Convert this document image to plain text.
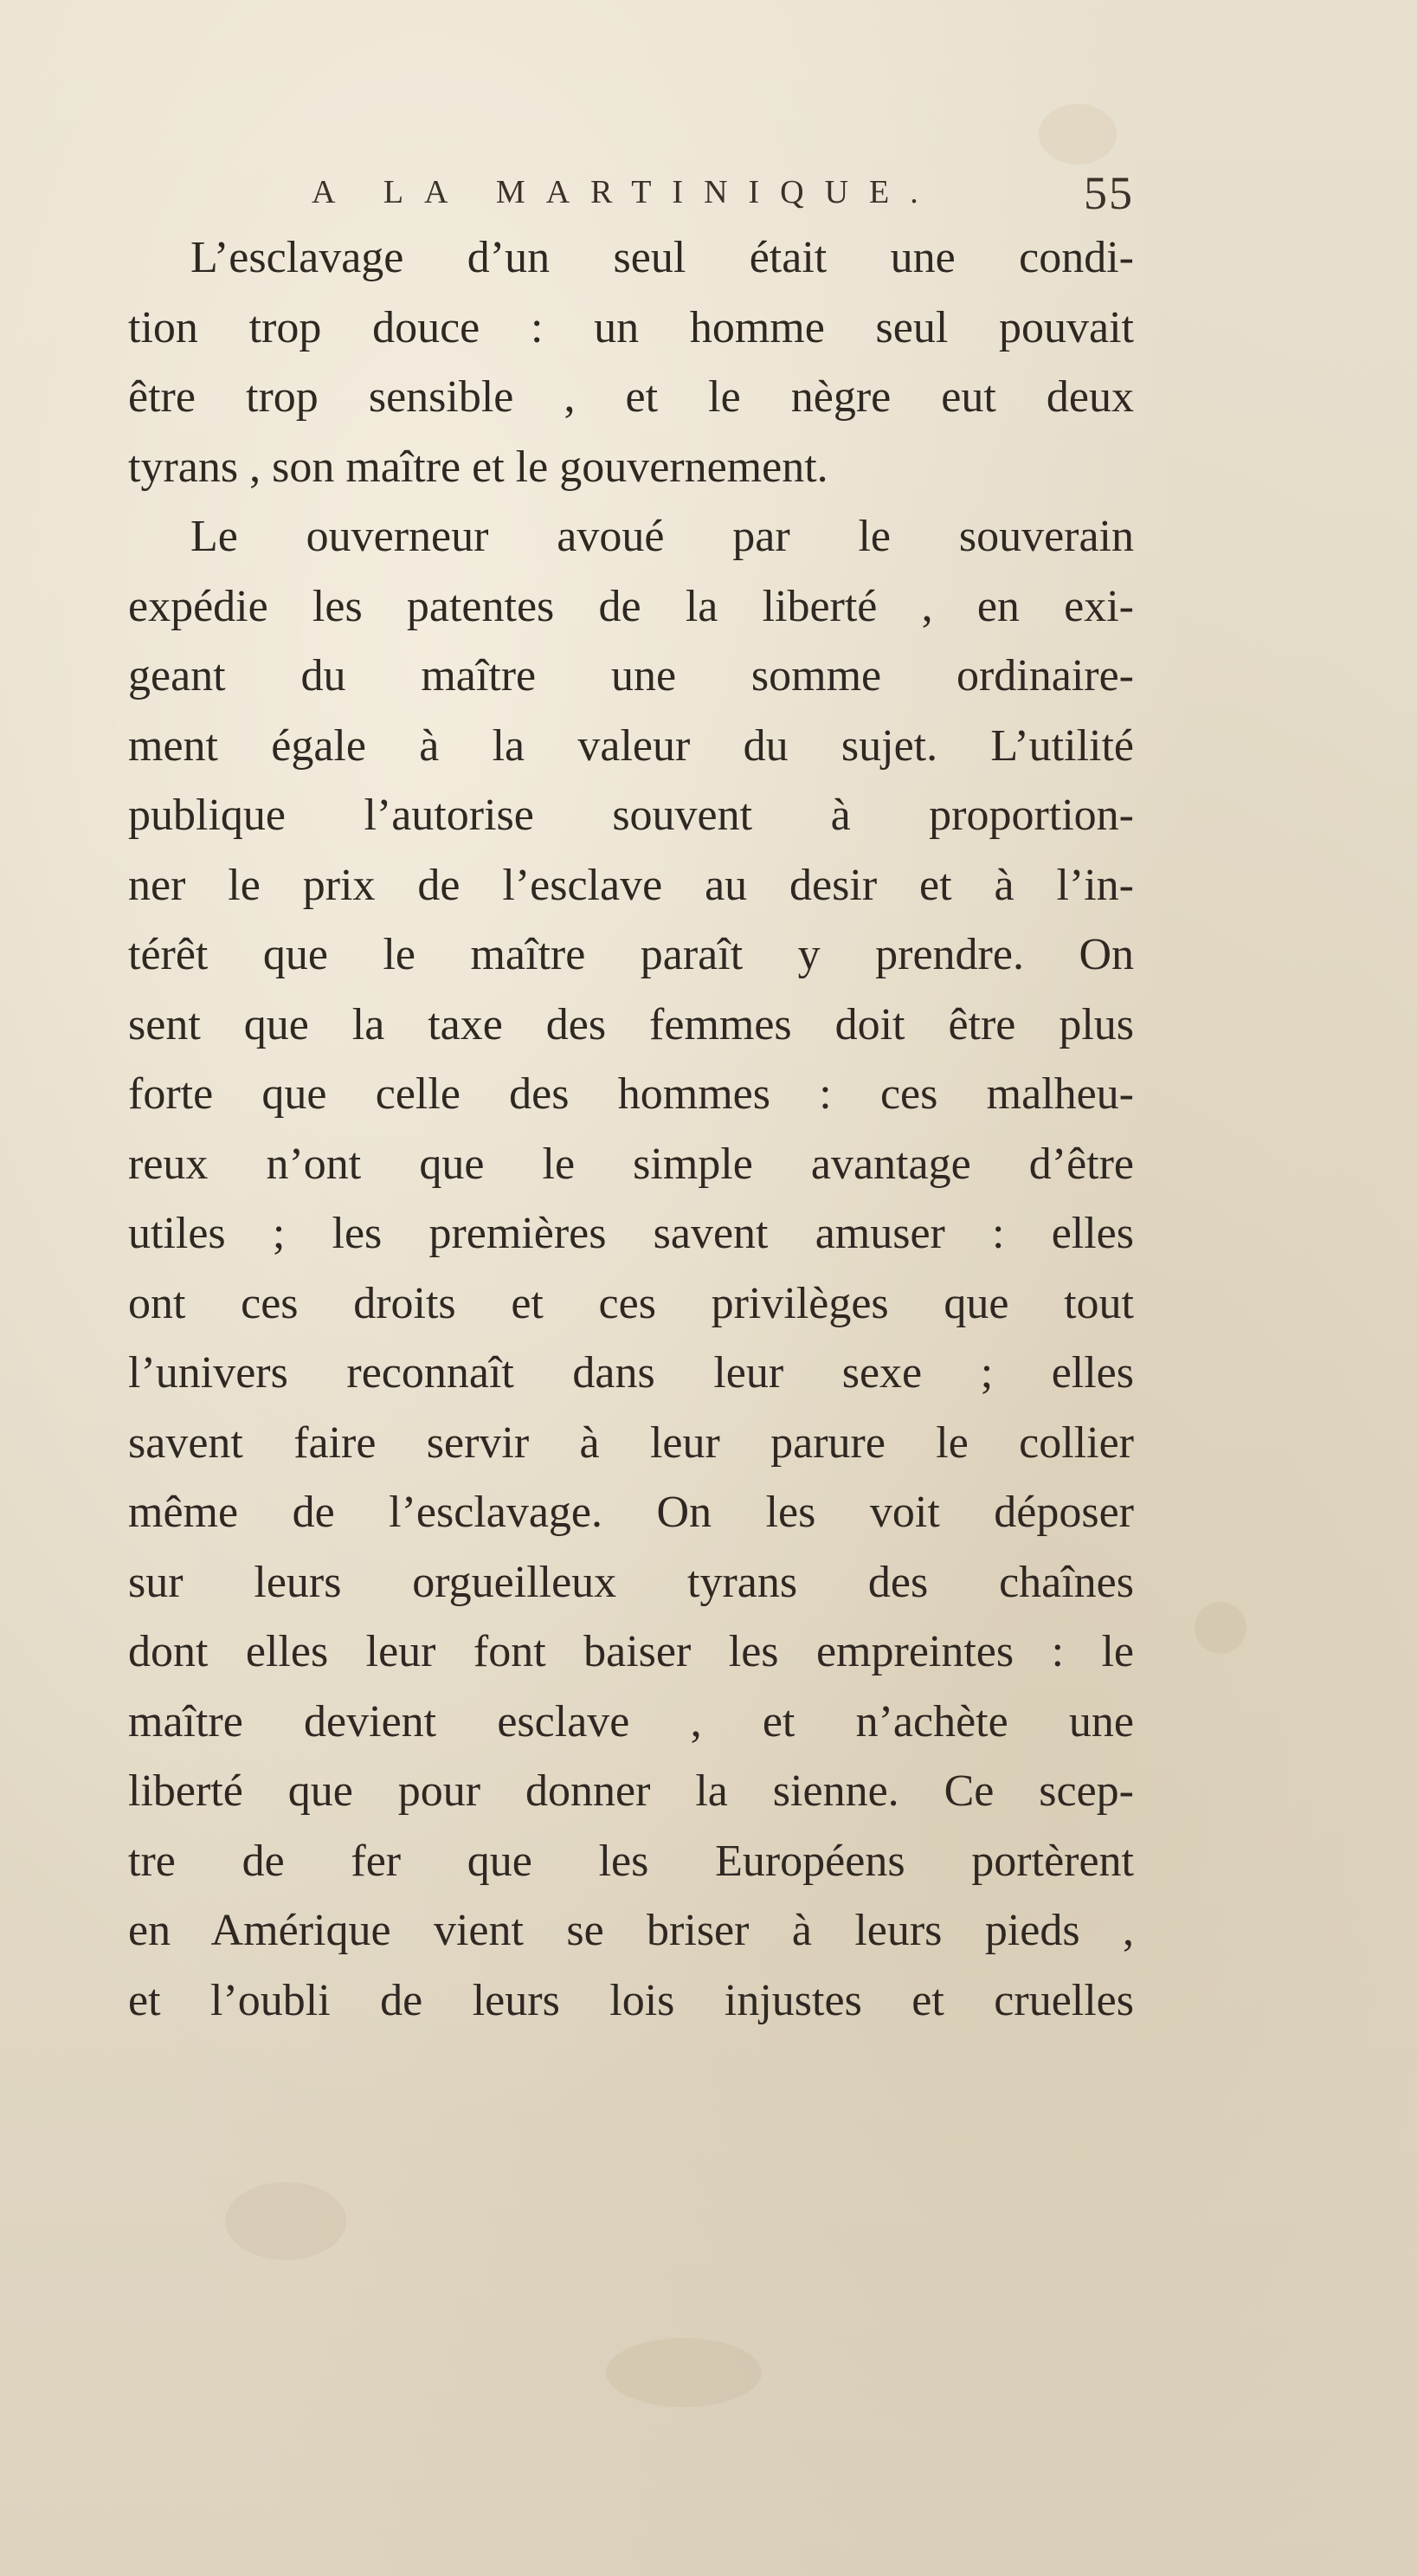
A LA MARTINIQUE.	55
L’esclavage d’un seul était une condi-
tion trop douce : un homme seul pouvait
être trop sensible , et le nègre eut deux
tyrans , son maître et le gouvernement.
Le ouverneur avoué par le souverain
expédie les patentes de la liberté , en exi-
geant du maître une somme ordinaire-
ment égale à la valeur du sujet. L’utilité
publique l’autorise souvent à proportion-
ner le prix de l’esclave au desir et à l’in-
térêt que le maître paraît y prendre. On
sent que la taxe des femmes doit être plus
forte que celle des hommes : ces malheu-
reux n’ont que le simple avantage d’être
utiles ; les premières savent amuser : elles
ont ces droits et ces privilèges que tout
l’univers reconnaît dans leur sexe ; elles
savent faire servir à leur parure le collier
même de l’esclavage. On les voit déposer
sur leurs orgueilleux tyrans des chaînes
dont elles leur font baiser les empreintes : le
maître devient esclave , et n’achète une
liberté que pour donner la sienne. Ce scep-
tre de fer que les Européens portèrent
en Amérique vient se briser à leurs pieds ,
et l’oubli de leurs lois injustes et cruelles
